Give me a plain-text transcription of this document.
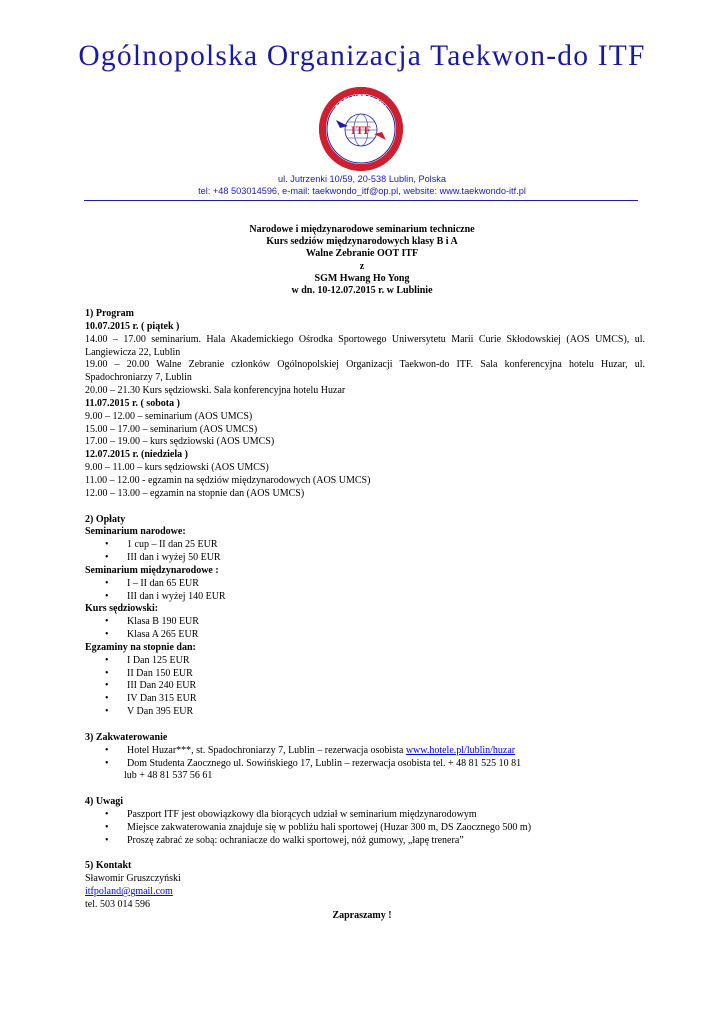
Ogólnopolska Organizacja Taekwon-do ITF
OGÓLNOPOLSKA
ORGANIZACJA TAEKWON-DO
ITF
ul. Jutrzenki 10/59, 20-538 Lublin, Polska
tel: +48 503014596, e-mail: taekwondo_itf@op.pl, website: www.taekwondo-itf.pl
Narodowe i międzynarodowe seminarium techniczne
Kurs sedziów międzynarodowych klasy B i A
Walne Zebranie OOT ITF
z
SGM Hwang Ho Yong
w dn. 10-12.07.2015 r. w Lublinie

1) Program

10.07.2015 r. ( piątek )

14.00 – 17.00 seminarium. Hala Akademickiego Ośrodka Sportowego Uniwersytetu Marii Curie Skłodowskiej (AOS UMCS), ul. Langiewicza 22, Lublin

19.00 – 20.00 Walne Zebranie członków Ogólnopolskiej Organizacji Taekwon-do ITF. Sala konferencyjna hotelu Huzar, ul. Spadochroniarzy 7, Lublin

20.00 – 21.30 Kurs sędziowski. Sala konferencyjna hotelu Huzar

11.07.2015 r. ( sobota )

9.00 – 12.00 – seminarium (AOS UMCS)

15.00 – 17.00 – seminarium (AOS UMCS)

17.00 – 19.00 – kurs sędziowski (AOS UMCS)

12.07.2015 r. (niedziela )

9.00 – 11.00 – kurs sędziowski (AOS UMCS)

11.00 – 12.00 - egzamin na sędziów międzynarodowych (AOS UMCS)

12.00 – 13.00 – egzamin na stopnie dan (AOS UMCS)

2) Opłaty

Seminarium narodowe:

• 1 cup – II dan 25 EUR
• III dan i wyżej 50 EUR

Seminarium międzynarodowe :

• I – II dan 65 EUR
• III dan i wyżej 140 EUR

Kurs sędziowski:

• Klasa B 190 EUR
• Klasa A 265 EUR

Egzaminy na stopnie dan:

• I Dan 125 EUR
• II Dan 150 EUR
• III Dan 240 EUR
• IV Dan 315 EUR
• V Dan 395 EUR

3) Zakwaterowanie

• Hotel Huzar***, st. Spadochroniarzy 7, Lublin – rezerwacja osobista www.hotele.pl/lublin/huzar
• Dom Studenta Zaocznego ul. Sowińskiego 17, Lublin – rezerwacja osobista tel. + 48 81 525 10 81

lub + 48 81 537 56 61

4) Uwagi

• Paszport ITF jest obowiązkowy dla biorących udział w seminarium międzynarodowym
• Miejsce zakwaterowania znajduje się w pobliżu hali sportowej (Huzar 300 m, DS Zaocznego 500 m)
• Proszę zabrać ze sobą: ochraniacze do walki sportowej, nóż gumowy, „łapę trenera”

5) Kontakt

Sławomir Gruszczyński

itfpoland@gmail.com

tel. 503 014 596

Zapraszamy !
